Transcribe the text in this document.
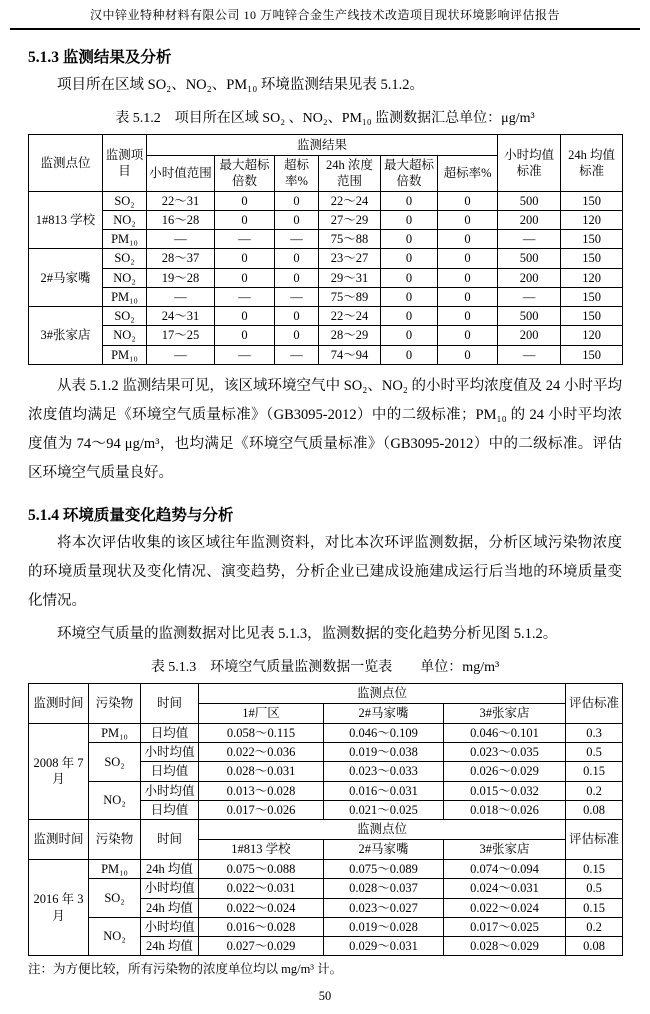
汉中锌业特种材料有限公司 10 万吨锌合金生产线技术改造项目现状环境影响评估报告
5.1.3 监测结果及分析

项目所在区域 SO₂、NO₂、PM₁₀ 环境监测结果见表 5.1.2。

表 5.1.2　项目所在区域 SO₂ 、NO₂、PM₁₀ 监测数据汇总单位：μg/m³
监测点位	监测项目	监测结果						小时均值标准	24h 均值标准
		小时值范围	最大超标倍数	超标率%	24h 浓度范围	最大超标倍数	超标率%		
1#813 学校	SO₂	22～31	0	0	22～24	0	0	500	150
	NO₂	16～28	0	0	27～29	0	0	200	120
	PM₁₀	—	—	—	75～88	0	0	—	150
2#马家嘴	SO₂	28～37	0	0	23～27	0	0	500	150
	NO₂	19～28	0	0	29～31	0	0	200	120
	PM₁₀	—	—	—	75～89	0	0	—	150
3#张家店	SO₂	24～31	0	0	22～24	0	0	500	150
	NO₂	17～25	0	0	28～29	0	0	200	120
	PM₁₀	—	—	—	74～94	0	0	—	150

从表 5.1.2 监测结果可见，该区域环境空气中 SO₂、NO₂ 的小时平均浓度值及 24 小时平均浓度值均满足《环境空气质量标准》（GB3095-2012）中的二级标准；PM₁₀ 的 24 小时平均浓度值为 74～94 μg/m³，也均满足《环境空气质量标准》（GB3095-2012）中的二级标准。评估区环境空气质量良好。

5.1.4 环境质量变化趋势与分析

将本次评估收集的该区域往年监测资料，对比本次环评监测数据，分析区域污染物浓度的环境质量现状及变化情况、演变趋势，分析企业已建成设施建成运行后当地的环境质量变化情况。

环境空气质量的监测数据对比见表 5.1.3，监测数据的变化趋势分析见图 5.1.2。

表 5.1.3　环境空气质量监测数据一览表　　单位：mg/m³
监测时间	污染物	时间	监测点位			评估标准
			1#厂区	2#马家嘴	3#张家店	
2008 年 7 月	PM₁₀	日均值	0.058～0.115	0.046～0.109	0.046～0.101	0.3
	SO₂	小时均值	0.022～0.036	0.019～0.038	0.023～0.035	0.5
		日均值	0.028～0.031	0.023～0.033	0.026～0.029	0.15
	NO₂	小时均值	0.013～0.028	0.016～0.031	0.015～0.032	0.2
		日均值	0.017～0.026	0.021～0.025	0.018～0.026	0.08
监测时间	污染物	时间	监测点位			评估标准
			1#813 学校	2#马家嘴	3#张家店	
2016 年 3 月	PM₁₀	24h 均值	0.075～0.088	0.075～0.089	0.074～0.094	0.15
	SO₂	小时均值	0.022～0.031	0.028～0.037	0.024～0.031	0.5
		24h 均值	0.022～0.024	0.023～0.027	0.022～0.024	0.15
	NO₂	小时均值	0.016～0.028	0.019～0.028	0.017～0.025	0.2
		24h 均值	0.027～0.029	0.029～0.031	0.028～0.029	0.08

注：为方便比较，所有污染物的浓度单位均以 mg/m³ 计。

50
